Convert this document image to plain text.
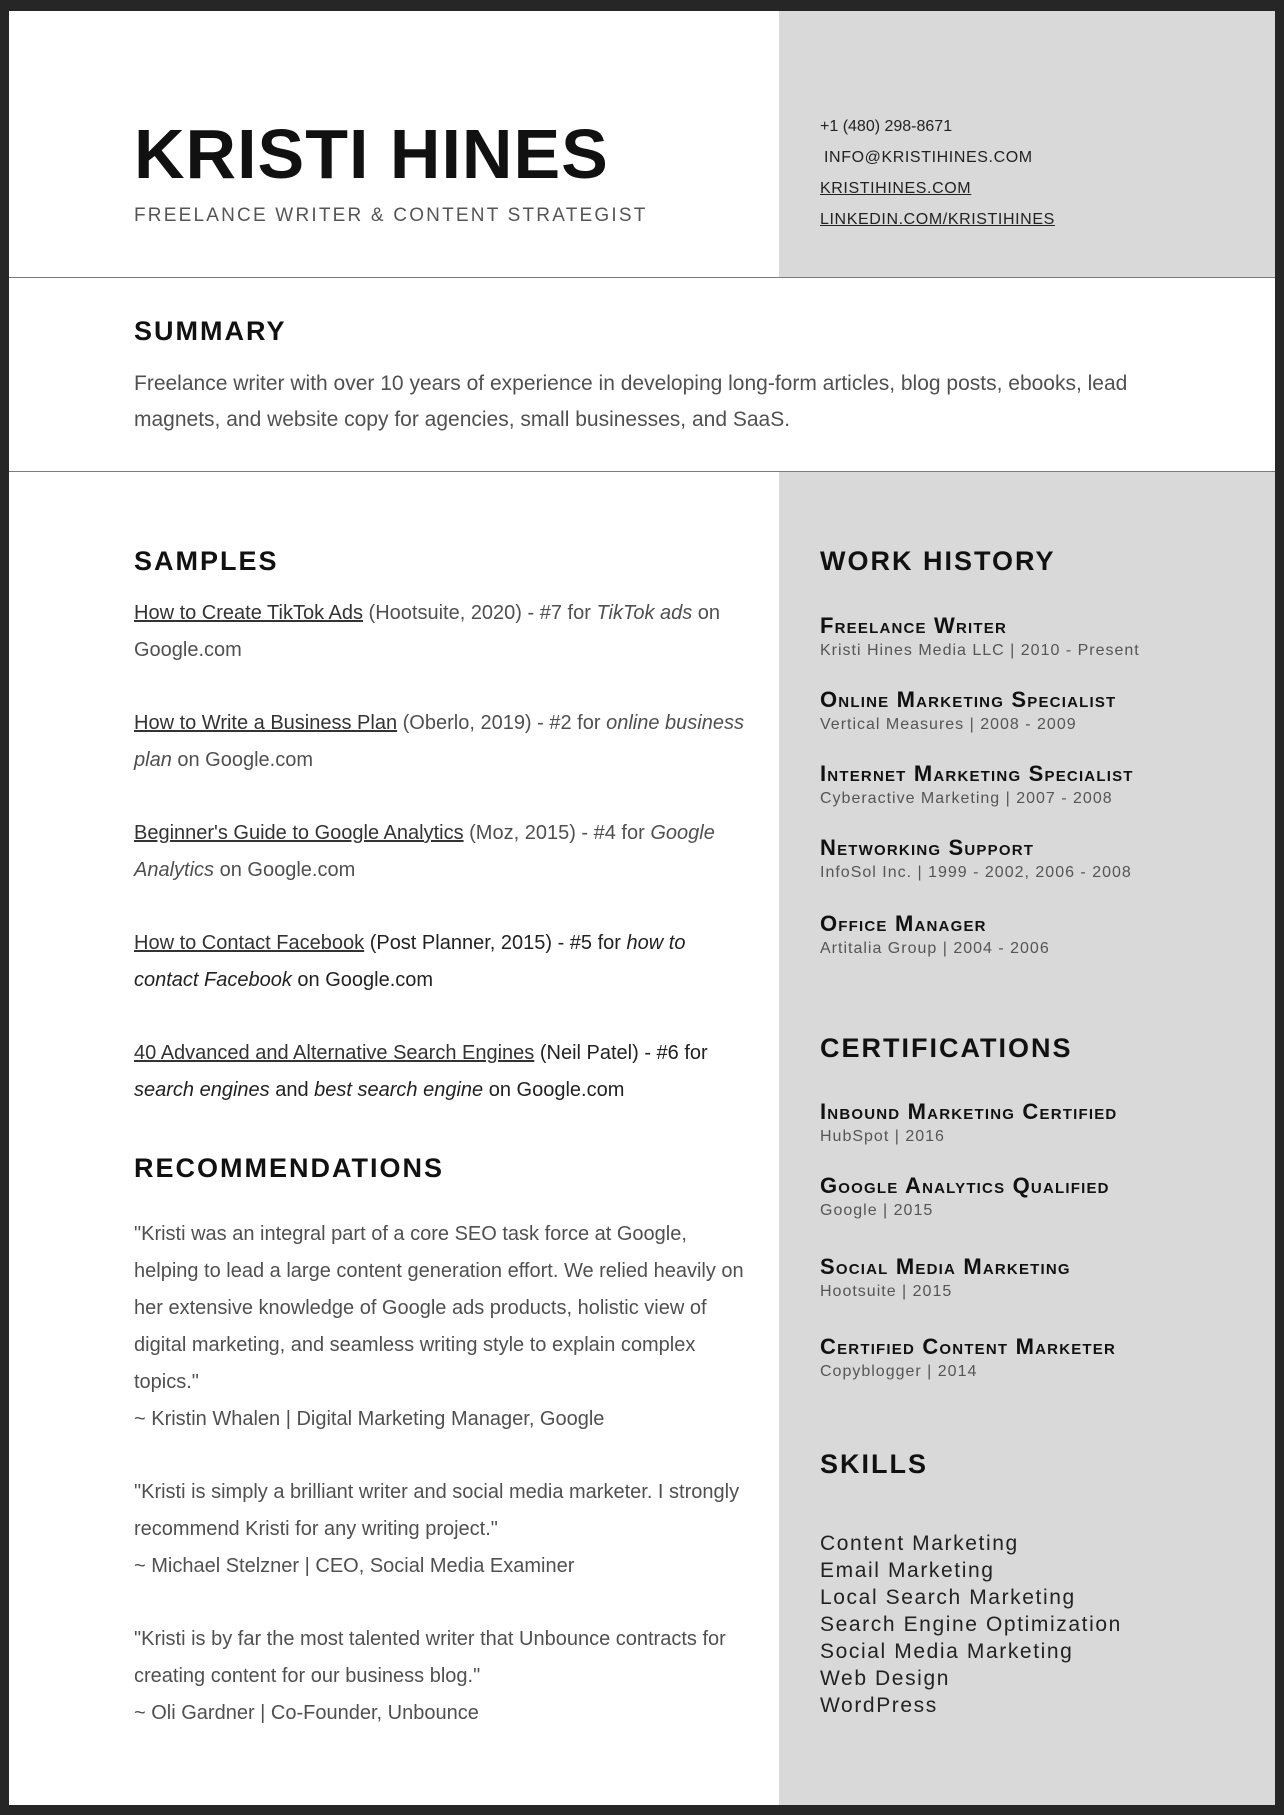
KRISTI HINES

FREELANCE WRITER & CONTENT STRATEGIST

+1 (480) 298-8671
INFO@KRISTIHINES.COM
KRISTIHINES.COM
LINKEDIN.COM/KRISTIHINES
SUMMARY

Freelance writer with over 10 years of experience in developing long-form articles, blog posts, ebooks, lead magnets, and website copy for agencies, small businesses, and SaaS.

SAMPLES

How to Create TikTok Ads (Hootsuite, 2020) - #7 for TikTok ads on Google.com

How to Write a Business Plan (Oberlo, 2019) - #2 for online business plan on Google.com

Beginner's Guide to Google Analytics (Moz, 2015) - #4 for Google Analytics on Google.com

How to Contact Facebook (Post Planner, 2015) - #5 for how to contact Facebook on Google.com

40 Advanced and Alternative Search Engines (Neil Patel) - #6 for search engines and best search engine on Google.com

RECOMMENDATIONS

"Kristi was an integral part of a core SEO task force at Google, helping to lead a large content generation effort. We relied heavily on her extensive knowledge of Google ads products, holistic view of digital marketing, and seamless writing style to explain complex topics."
~ Kristin Whalen | Digital Marketing Manager, Google

"Kristi is simply a brilliant writer and social media marketer. I strongly recommend Kristi for any writing project."
~ Michael Stelzner | CEO, Social Media Examiner

"Kristi is by far the most talented writer that Unbounce contracts for creating content for our business blog."
~ Oli Gardner | Co-Founder, Unbounce

WORK HISTORY
Freelance Writer
Kristi Hines Media LLC | 2010 - Present
Online Marketing Specialist
Vertical Measures | 2008 - 2009
Internet Marketing Specialist
Cyberactive Marketing | 2007 - 2008
Networking Support
InfoSol Inc. | 1999 - 2002, 2006 - 2008
Office Manager
Artitalia Group | 2004 - 2006
CERTIFICATIONS
Inbound Marketing Certified
HubSpot | 2016
Google Analytics Qualified
Google | 2015
Social Media Marketing
Hootsuite | 2015
Certified Content Marketer
Copyblogger | 2014
SKILLS
Content Marketing
Email Marketing
Local Search Marketing
Search Engine Optimization
Social Media Marketing
Web Design
WordPress
